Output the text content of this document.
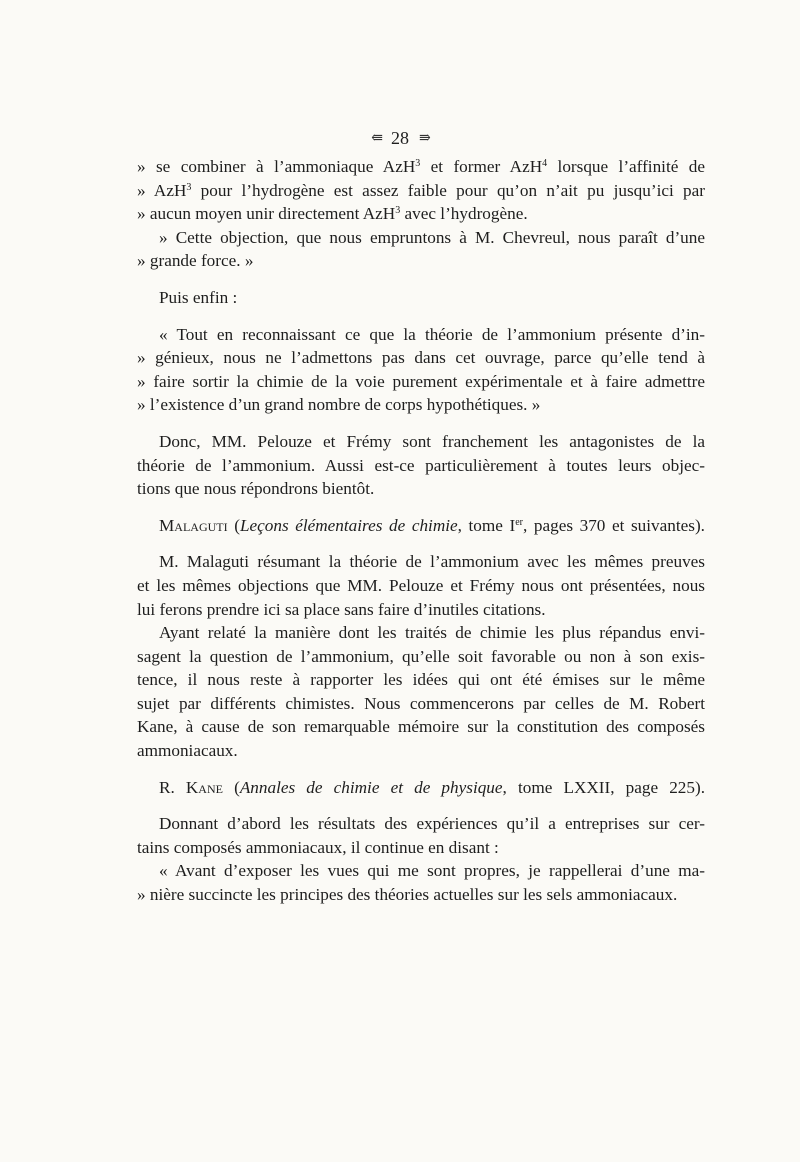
⇚ 28 ⇛
» se combiner à l’ammoniaque AzH$^3$ et former AzH$^4$ lorsque l’affinité de
» AzH$^3$ pour l’hydrogène est assez faible pour qu’on n’ait pu jusqu’ici par
» aucun moyen unir directement AzH$^3$ avec l’hydrogène.
» Cette objection, que nous empruntons à M. Chevreul, nous paraît d’une
» grande force. »
Puis enfin :
« Tout en reconnaissant ce que la théorie de l’ammonium présente d’in-
» génieux, nous ne l’admettons pas dans cet ouvrage, parce qu’elle tend à
» faire sortir la chimie de la voie purement expérimentale et à faire admettre
» l’existence d’un grand nombre de corps hypothétiques. »
Donc, MM. Pelouze et Frémy sont franchement les antagonistes de la
théorie de l’ammonium. Aussi est-ce particulièrement à toutes leurs objec-
tions que nous répondrons bientôt.
Malaguti (Leçons élémentaires de chimie, tome Ier, pages 370 et suivantes).
M. Malaguti résumant la théorie de l’ammonium avec les mêmes preuves
et les mêmes objections que MM. Pelouze et Frémy nous ont présentées, nous
lui ferons prendre ici sa place sans faire d’inutiles citations.
Ayant relaté la manière dont les traités de chimie les plus répandus envi-
sagent la question de l’ammonium, qu’elle soit favorable ou non à son exis-
tence, il nous reste à rapporter les idées qui ont été émises sur le même
sujet par différents chimistes. Nous commencerons par celles de M. Robert
Kane, à cause de son remarquable mémoire sur la constitution des composés
ammoniacaux.
R. Kane (Annales de chimie et de physique, tome LXXII, page 225).
Donnant d’abord les résultats des expériences qu’il a entreprises sur cer-
tains composés ammoniacaux, il continue en disant :
« Avant d’exposer les vues qui me sont propres, je rappellerai d’une ma-
» nière succincte les principes des théories actuelles sur les sels ammoniacaux.
